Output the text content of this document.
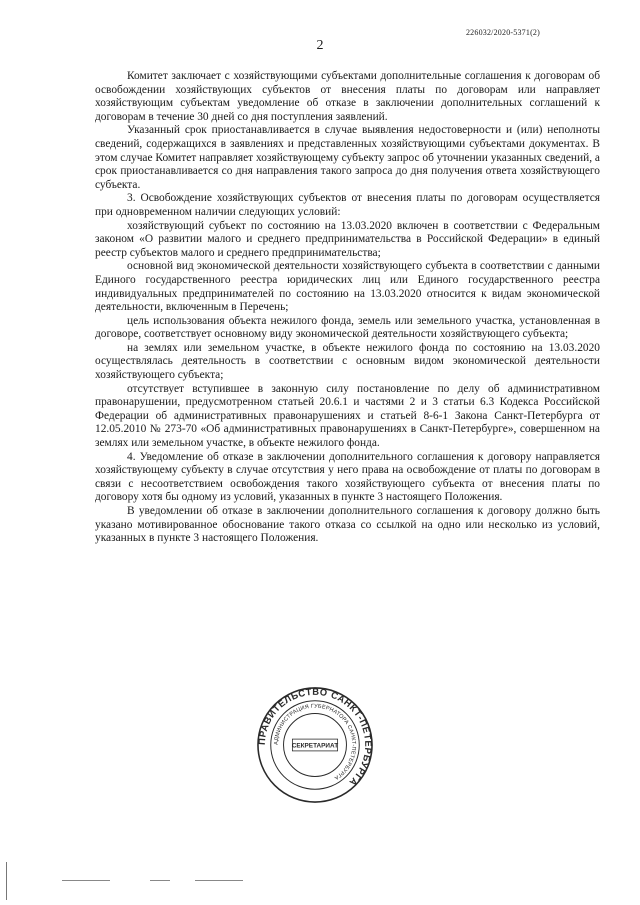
226032/2020-5371(2)
2

Комитет заключает с хозяйствующими субъектами дополнительные соглашения к договорам об освобождении хозяйствующих субъектов от внесения платы по договорам или направляет хозяйствующим субъектам уведомление об отказе в заключении дополнительных соглашений к договорам в течение 30 дней со дня поступления заявлений.

Указанный срок приостанавливается в случае выявления недостоверности и (или) неполноты сведений, содержащихся в заявлениях и представленных хозяйствующими субъектами документах. В этом случае Комитет направляет хозяйствующему субъекту запрос об уточнении указанных сведений, а срок приостанавливается со дня направления такого запроса до дня получения ответа хозяйствующего субъекта.

3. Освобождение хозяйствующих субъектов от внесения платы по договорам осуществляется при одновременном наличии следующих условий:

хозяйствующий субъект по состоянию на 13.03.2020 включен в соответствии с Федеральным законом «О развитии малого и среднего предпринимательства в Российской Федерации» в единый реестр субъектов малого и среднего предпринимательства;

основной вид экономической деятельности хозяйствующего субъекта в соответствии с данными Единого государственного реестра юридических лиц или Единого государственного реестра индивидуальных предпринимателей по состоянию на 13.03.2020 относится к видам экономической деятельности, включенным в Перечень;

цель использования объекта нежилого фонда, земель или земельного участка, установленная в договоре, соответствует основному виду экономической деятельности хозяйствующего субъекта;

на землях или земельном участке, в объекте нежилого фонда по состоянию на 13.03.2020 осуществлялась деятельность в соответствии с основным видом экономической деятельности хозяйствующего субъекта;

отсутствует вступившее в законную силу постановление по делу об административном правонарушении, предусмотренном статьей 20.6.1 и частями 2 и 3 статьи 6.3 Кодекса Российской Федерации об административных правонарушениях и статьей 8-6-1 Закона Санкт-Петербурга от 12.05.2010 № 273-70 «Об административных правонарушениях в Санкт-Петербурге», совершенном на землях или земельном участке, в объекте нежилого фонда.

4. Уведомление об отказе в заключении дополнительного соглашения к договору направляется хозяйствующему субъекту в случае отсутствия у него права на освобождение от платы по договорам в связи с несоответствием освобождения такого хозяйствующего субъекта от внесения платы по договору хотя бы одному из условий, указанных в пункте 3 настоящего Положения.

В уведомлении об отказе в заключении дополнительного соглашения к договору должно быть указано мотивированное обоснование такого отказа со ссылкой на одно или несколько из условий, указанных в пункте 3 настоящего Положения.

ПРАВИТЕЛЬСТВО САНКТ-ПЕТЕРБУРГА
АДМИНИСТРАЦИЯ ГУБЕРНАТОРА САНКТ-ПЕТЕРБУРГА
СЕКРЕТАРИАТ
